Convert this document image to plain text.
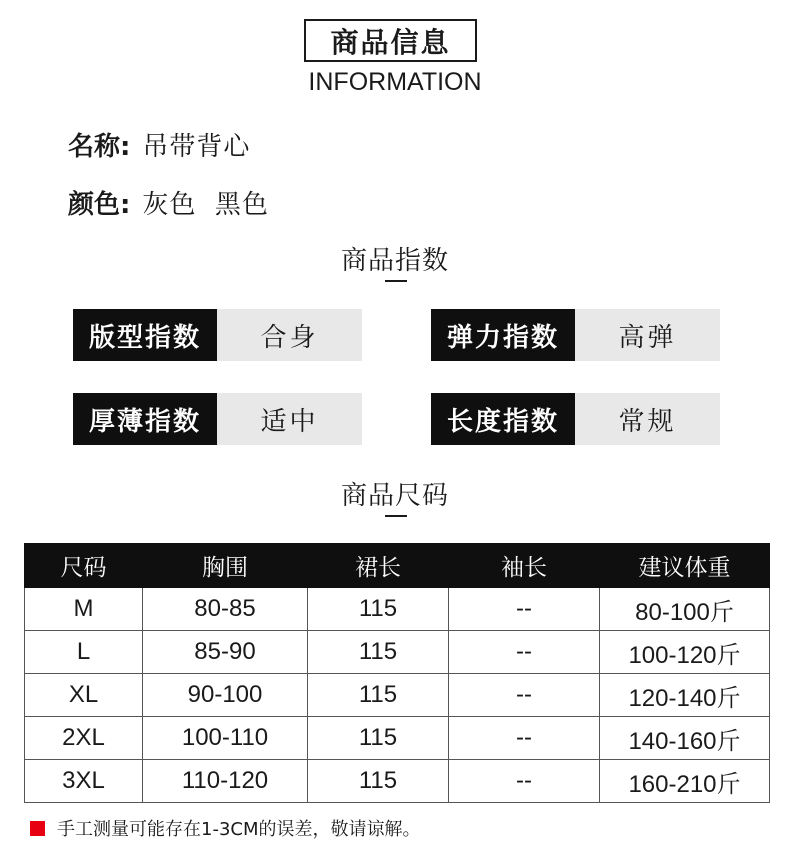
商品信息
INFORMATION
名称: 吊带背心
颜色: 灰色  黑色
商品指数
版型指数	合身	弹力指数	高弹
厚薄指数	适中	长度指数	常规
商品尺码
尺码	胸围	裙长	袖长	建议体重
M	80-85	115	--	80-100斤
L	85-90	115	--	100-120斤
XL	90-100	115	--	120-140斤
2XL	100-110	115	--	140-160斤
3XL	110-120	115	--	160-210斤
手工测量可能存在1-3CM的误差，敬请谅解。
